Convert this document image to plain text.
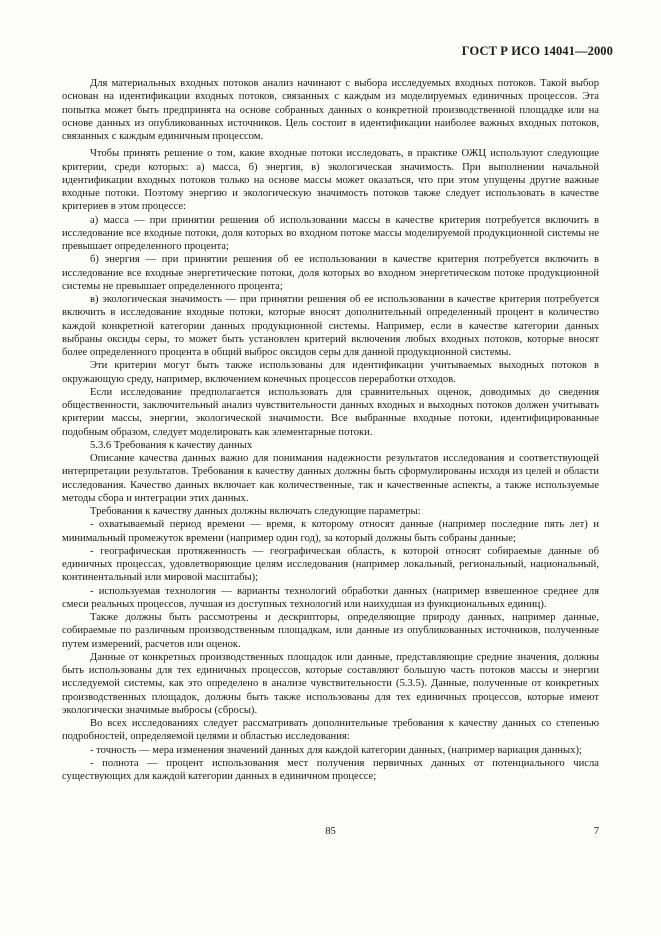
ГОСТ Р ИСО 14041—2000

Для материальных входных потоков анализ начинают с выбора исследуемых входных потоков. Такой выбор основан на идентификации входных потоков, связанных с каждым из моделируемых единичных процессов. Эта попытка может быть предпринята на основе собранных данных о конкретной производственной площадке или на основе данных из опубликованных источников. Цель состоит в идентификации наиболее важных входных потоков, связанных с каждым единичным процессом.

Чтобы принять решение о том, какие входные потоки исследовать, в практике ОЖЦ используют следующие критерии, среди которых: а) масса, б) энергия, в) экологическая значимость. При выполнении начальной идентификации входных потоков только на основе массы может оказаться, что при этом упущены другие важные входные потоки. Поэтому энергию и экологическую значимость потоков также следует использовать в качестве критериев в этом процессе:

а) масса — при принятии решения об использовании массы в качестве критерия потребуется включить в исследование все входные потоки, доля которых во входном потоке массы моделируемой продукционной системы не превышает определенного процента;

б) энергия — при принятии решения об ее использовании в качестве критерия потребуется включить в исследование все входные энергетические потоки, доля которых во входном энергетическом потоке продукционной системы не превышает определенного процента;

в) экологическая значимость — при принятии решения об ее использовании в качестве критерия потребуется включить в исследование входные потоки, которые вносят дополнительный определенный процент в количество каждой конкретной категории данных продукционной системы. Например, если в качестве категории данных выбраны оксиды серы, то может быть установлен критерий включения любых входных потоков, которые вносят более определенного процента в общий выброс оксидов серы для данной продукционной системы.

Эти критерии могут быть также использованы для идентификации учитываемых выходных потоков в окружающую среду, например, включением конечных процессов переработки отходов.

Если исследование предполагается использовать для сравнительных оценок, доводимых до сведения общественности, заключительный анализ чувствительности данных входных и выходных потоков должен учитывать критерии массы, энергии, экологической значимости. Все выбранные входные потоки, идентифицированные подобным образом, следует моделировать как элементарные потоки.

5.3.6 Требования к качеству данных

Описание качества данных важно для понимания надежности результатов исследования и соответствующей интерпретации результатов. Требования к качеству данных должны быть сформулированы исходя из целей и области исследования. Качество данных включает как количественные, так и качественные аспекты, а также используемые методы сбора и интеграции этих данных.

Требования к качеству данных должны включать следующие параметры:

- охватываемый период времени — время, к которому относят данные (например последние пять лет) и минимальный промежуток времени (например один год), за который должны быть собраны данные;

- географическая протяженность — географическая область, к которой относят собираемые данные об единичных процессах, удовлетворяющие целям исследования (например локальный, региональный, национальный, континентальный или мировой масштабы);

- используемая технология — варианты технологий обработки данных (например взвешенное среднее для смеси реальных процессов, лучшая из доступных технологий или наихудшая из функциональных единиц).

Также должны быть рассмотрены и дескрипторы, определяющие природу данных, например данные, собираемые по различным производственным площадкам, или данные из опубликованных источников, полученные путем измерений, расчетов или оценок.

Данные от конкретных производственных площадок или данные, представляющие средние значения, должны быть использованы для тех единичных процессов, которые составляют большую часть потоков массы и энергии исследуемой системы, как это определено в анализе чувствительности (5.3.5). Данные, полученные от конкретных производственных площадок, должны быть также использованы для тех единичных процессов, которые имеют экологически значимые выбросы (сбросы).

Во всех исследованиях следует рассматривать дополнительные требования к качеству данных со степенью подробностей, определяемой целями и областью исследования:

- точность — мера изменения значений данных для каждой категории данных, (например вариация данных);

- полнота — процент использования мест получения первичных данных от потенциального числа существующих для каждой категории данных в единичном процессе;

85	7
